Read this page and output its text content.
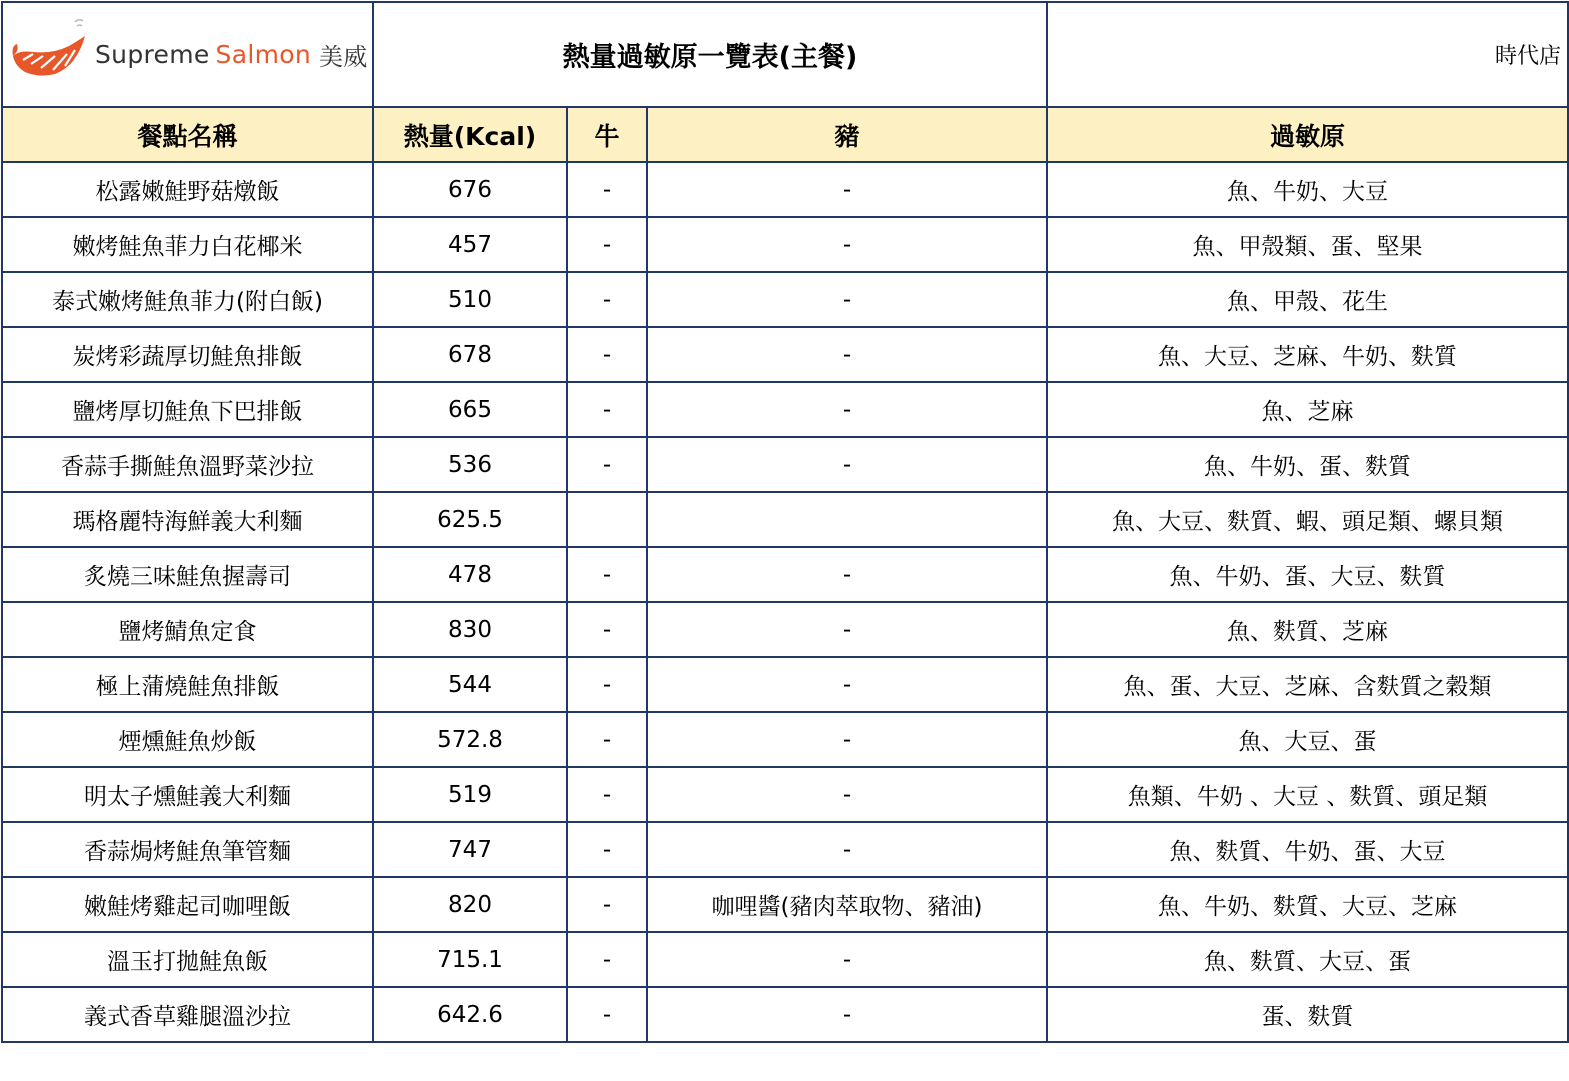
Supreme Salmon 美威	熱量過敏原一覽表(主餐)			時代店
餐點名稱	熱量(Kcal)	牛	豬	過敏原
松露嫩鮭野菇燉飯	676	-	-	魚、牛奶、大豆
嫩烤鮭魚菲力白花椰米	457	-	-	魚、甲殼類、蛋、堅果
泰式嫩烤鮭魚菲力(附白飯)	510	-	-	魚、甲殼、花生
炭烤彩蔬厚切鮭魚排飯	678	-	-	魚、大豆、芝麻、牛奶、麩質
鹽烤厚切鮭魚下巴排飯	665	-	-	魚、芝麻
香蒜手撕鮭魚溫野菜沙拉	536	-	-	魚、牛奶、蛋、麩質
瑪格麗特海鮮義大利麵	625.5			魚、大豆、麩質、蝦、頭足類、螺貝類
炙燒三味鮭魚握壽司	478	-	-	魚、牛奶、蛋、大豆、麩質
鹽烤鯖魚定食	830	-	-	魚、麩質、芝麻
極上蒲燒鮭魚排飯	544	-	-	魚、蛋、大豆、芝麻、含麩質之穀類
煙燻鮭魚炒飯	572.8	-	-	魚、大豆、蛋
明太子燻鮭義大利麵	519	-	-	魚類、牛奶 、大豆 、麩質、頭足類
香蒜焗烤鮭魚筆管麵	747	-	-	魚、麩質、牛奶、蛋、大豆
嫩鮭烤雞起司咖哩飯	820	-	咖哩醬(豬肉萃取物、豬油)	魚、牛奶、麩質、大豆、芝麻
溫玉打拋鮭魚飯	715.1	-	-	魚、麩質、大豆、蛋
義式香草雞腿溫沙拉	642.6	-	-	蛋、麩質
